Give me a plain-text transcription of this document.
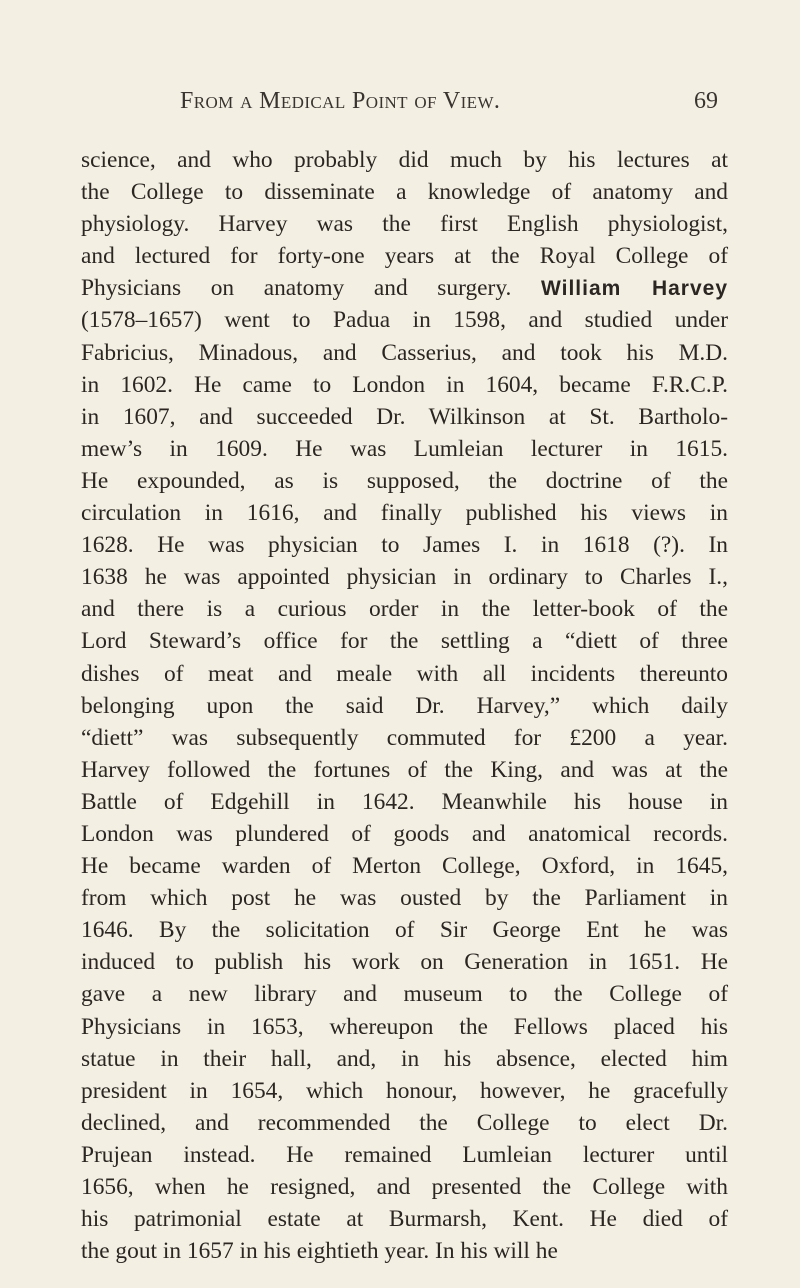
From a Medical Point of View.	69
science, and who probably did much by his lectures at
the College to disseminate a knowledge of anatomy and
physiology. Harvey was the first English physiologist,
and lectured for forty-one years at the Royal College of
Physicians on anatomy and surgery. William Harvey
(1578–1657) went to Padua in 1598, and studied under
Fabricius, Minadous, and Casserius, and took his M.D.
in 1602. He came to London in 1604, became F.R.C.P.
in 1607, and succeeded Dr. Wilkinson at St. Bartholo-
mew’s in 1609. He was Lumleian lecturer in 1615.
He expounded, as is supposed, the doctrine of the
circulation in 1616, and finally published his views in
1628. He was physician to James I. in 1618 (?). In
1638 he was appointed physician in ordinary to Charles I.,
and there is a curious order in the letter-book of the
Lord Steward’s office for the settling a “diett of three
dishes of meat and meale with all incidents thereunto
belonging upon the said Dr. Harvey,” which daily
“diett” was subsequently commuted for £200 a year.
Harvey followed the fortunes of the King, and was at the
Battle of Edgehill in 1642. Meanwhile his house in
London was plundered of goods and anatomical records.
He became warden of Merton College, Oxford, in 1645,
from which post he was ousted by the Parliament in
1646. By the solicitation of Sir George Ent he was
induced to publish his work on Generation in 1651. He
gave a new library and museum to the College of
Physicians in 1653, whereupon the Fellows placed his
statue in their hall, and, in his absence, elected him
president in 1654, which honour, however, he gracefully
declined, and recommended the College to elect Dr.
Prujean instead. He remained Lumleian lecturer until
1656, when he resigned, and presented the College with
his patrimonial estate at Burmarsh, Kent. He died of
the gout in 1657 in his eightieth year. In his will he
